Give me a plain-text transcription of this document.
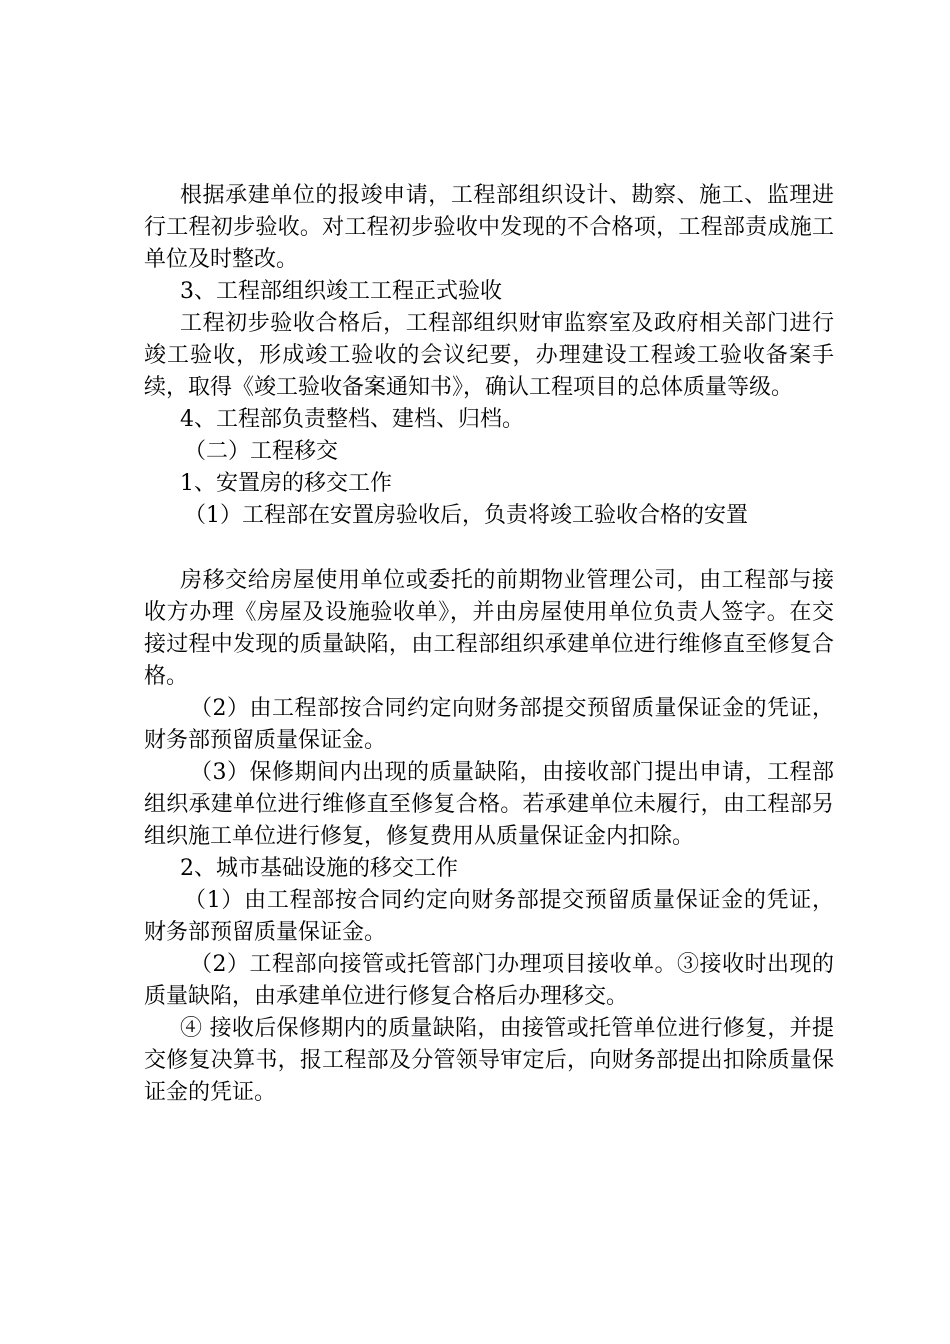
根据承建单位的报竣申请，工程部组织设计、勘察、施工、监理进行工程初步验收。对工程初步验收中发现的不合格项，工程部责成施工单位及时整改。

3、工程部组织竣工工程正式验收

工程初步验收合格后，工程部组织财审监察室及政府相关部门进行竣工验收，形成竣工验收的会议纪要，办理建设工程竣工验收备案手续，取得《竣工验收备案通知书》，确认工程项目的总体质量等级。

4、工程部负责整档、建档、归档。

（二）工程移交

1、安置房的移交工作

（1）工程部在安置房验收后，负责将竣工验收合格的安置

房移交给房屋使用单位或委托的前期物业管理公司，由工程部与接收方办理《房屋及设施验收单》，并由房屋使用单位负责人签字。在交接过程中发现的质量缺陷，由工程部组织承建单位进行维修直至修复合格。

（2）由工程部按合同约定向财务部提交预留质量保证金的凭证，财务部预留质量保证金。

（3）保修期间内出现的质量缺陷，由接收部门提出申请，工程部组织承建单位进行维修直至修复合格。若承建单位未履行，由工程部另组织施工单位进行修复，修复费用从质量保证金内扣除。

2、城市基础设施的移交工作

（1）由工程部按合同约定向财务部提交预留质量保证金的凭证，财务部预留质量保证金。

（2）工程部向接管或托管部门办理项目接收单。③接收时出现的质量缺陷，由承建单位进行修复合格后办理移交。

④ 接收后保修期内的质量缺陷，由接管或托管单位进行修复，并提交修复决算书，报工程部及分管领导审定后，向财务部提出扣除质量保证金的凭证。
